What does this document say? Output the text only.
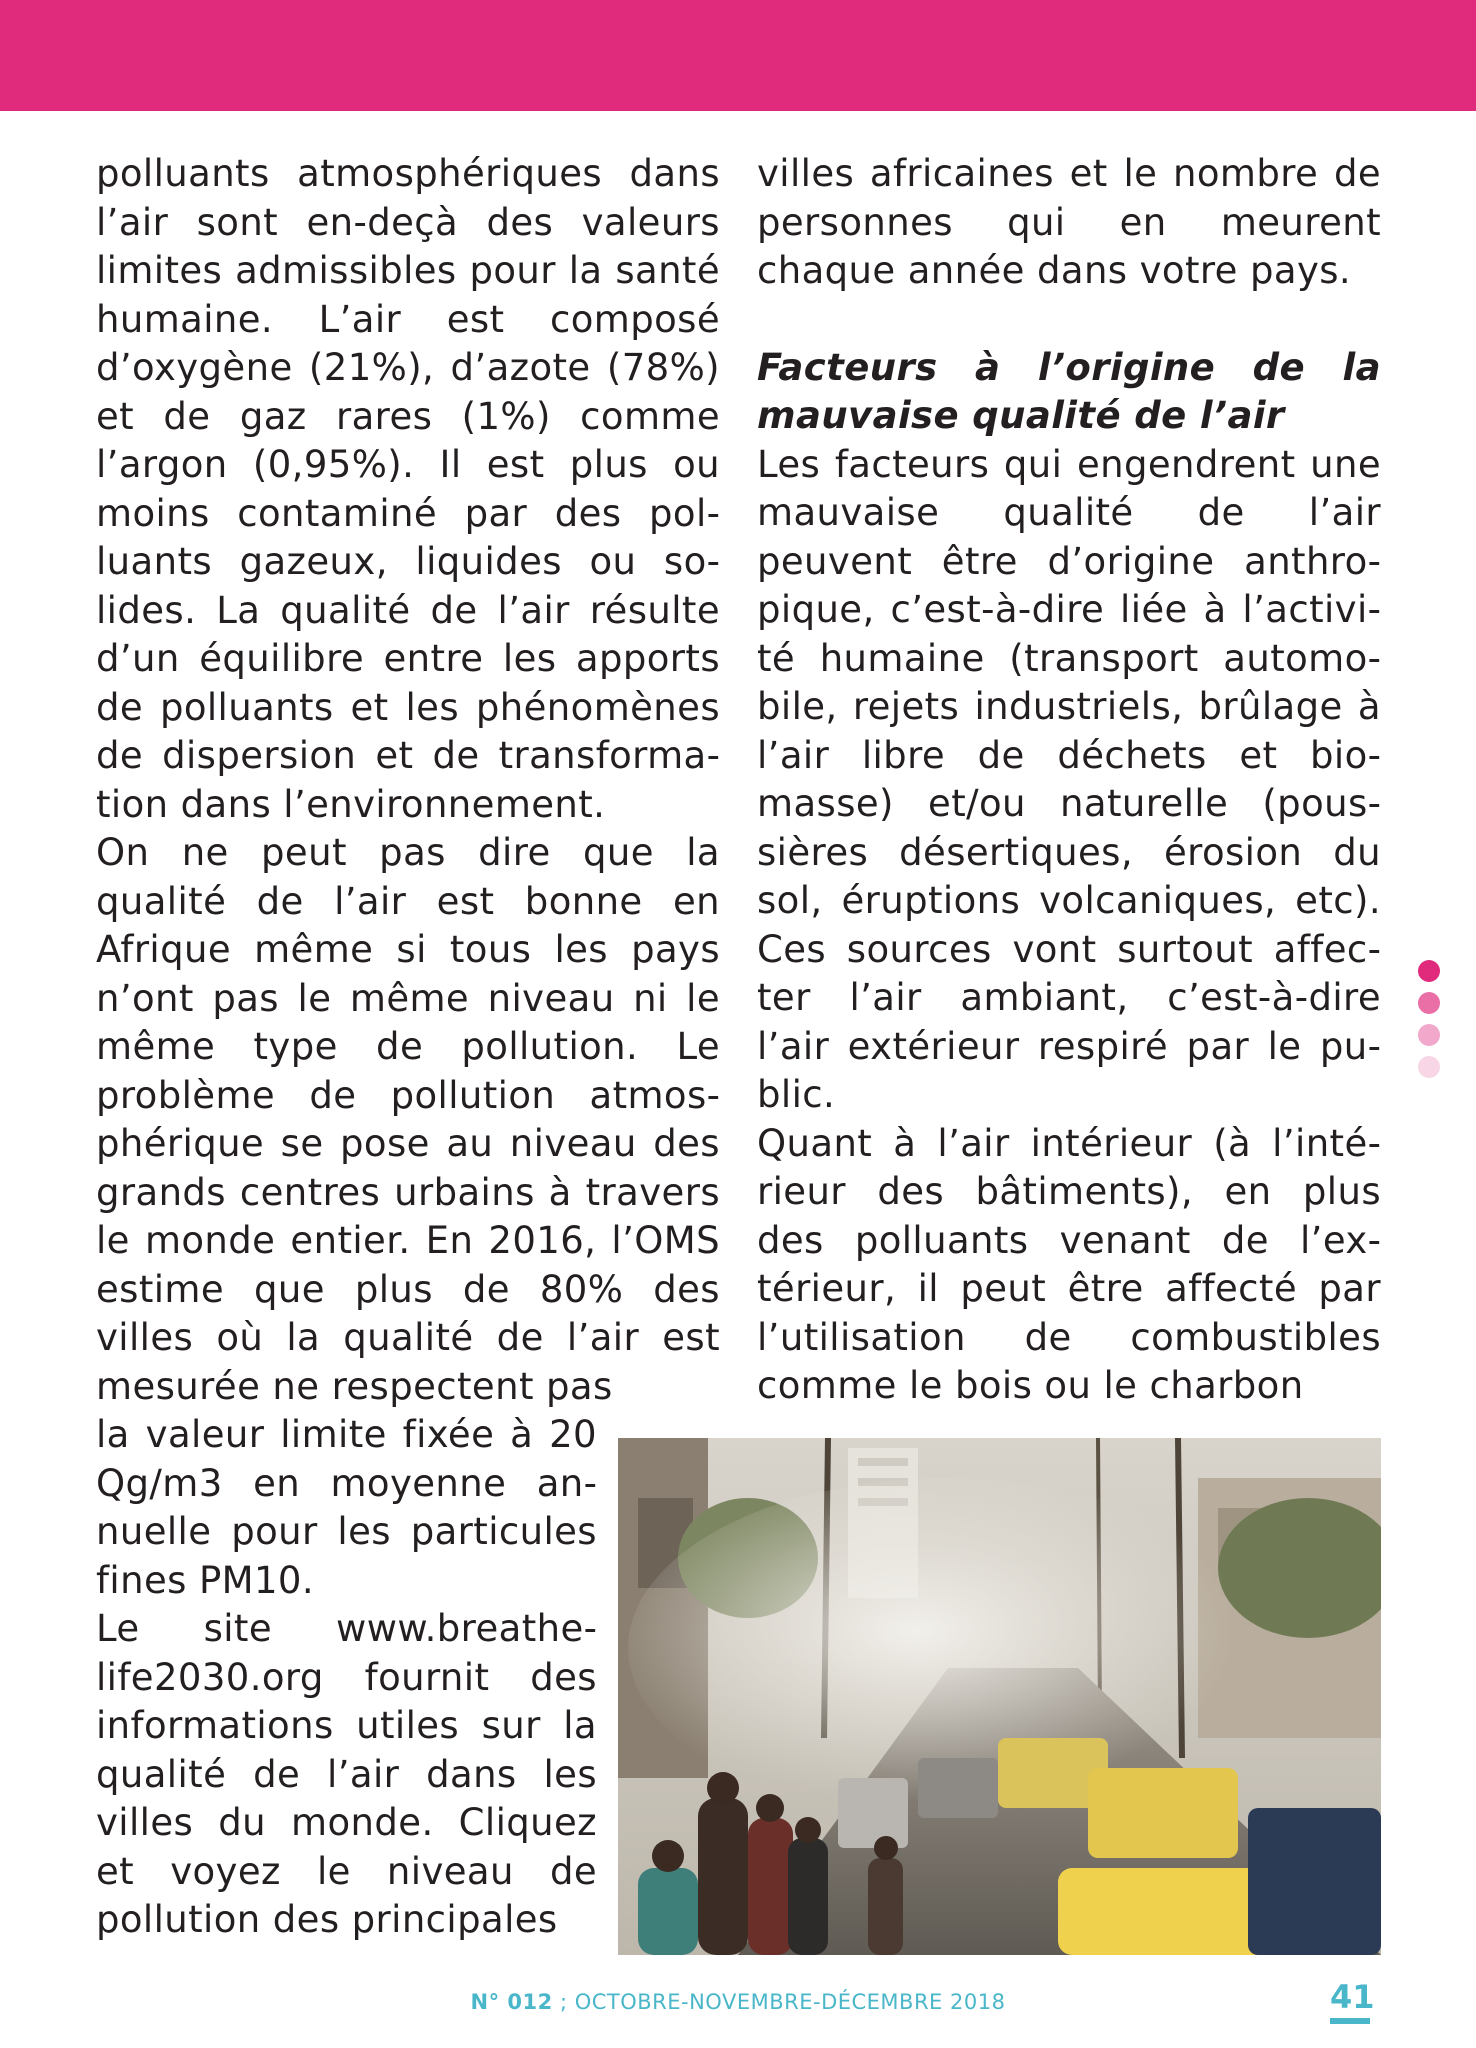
polluants atmosphériques dans l’air sont en-deçà des valeurs limites admissibles pour la santé humaine. L’air est composé d’oxygène (21%), d’azote (78%) et de gaz rares (1%) comme l’argon (0,95%). Il est plus ou moins contaminé par des polluants gazeux, liquides ou solides. La qualité de l’air résulte d’un équilibre entre les apports de polluants et les phénomènes de dispersion et de transformation dans l’environnement.

On ne peut pas dire que la qualité de l’air est bonne en Afrique même si tous les pays n’ont pas le même niveau ni le même type de pollution. Le problème de pollution atmosphérique se pose au niveau des grands centres urbains à travers le monde entier. En 2016, l’OMS estime que plus de 80% des villes où la qualité de l’air est mesurée ne respectent pas

la valeur limite fixée à 20 Qg/m3 en moyenne annuelle pour les particules fines PM10.

Le site www.breathelife2030.org fournit des informations utiles sur la qualité de l’air dans les villes du monde. Cliquez et voyez le niveau de pollution des principales

villes africaines et le nombre de personnes qui en meurent chaque année dans votre pays.

Facteurs à l’origine de la mauvaise qualité de l’air

Les facteurs qui engendrent une mauvaise qualité de l’air peuvent être d’origine anthropique, c’est-à-dire liée à l’activité humaine (transport automobile, rejets industriels, brûlage à l’air libre de déchets et biomasse) et/ou naturelle (poussières désertiques, érosion du sol, éruptions volcaniques, etc). Ces sources vont surtout affecter l’air ambiant, c’est-à-dire l’air extérieur respiré par le public.

Quant à l’air intérieur (à l’intérieur des bâtiments), en plus des polluants venant de l’extérieur, il peut être affecté par l’utilisation de combustibles comme le bois ou le charbon

N° 012 ; OCTOBRE-NOVEMBRE-DÉCEMBRE 2018	41
